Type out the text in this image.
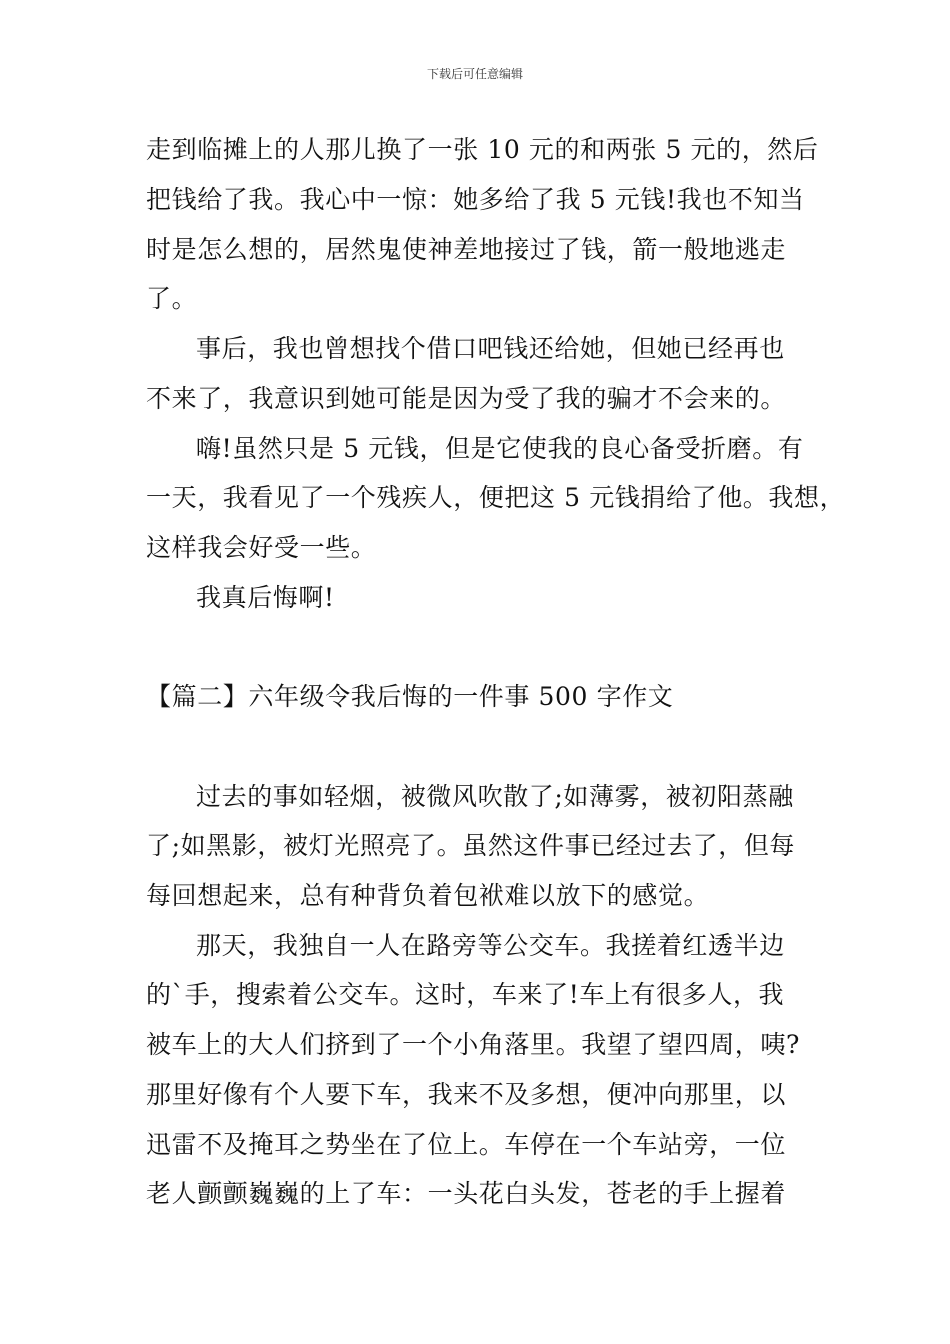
下载后可任意编辑
走到临摊上的人那儿换了一张 10 元的和两张 5 元的，然后
把钱给了我。我心中一惊：她多给了我 5 元钱!我也不知当
时是怎么想的，居然鬼使神差地接过了钱，箭一般地逃走
了。
事后，我也曾想找个借口吧钱还给她，但她已经再也
不来了，我意识到她可能是因为受了我的骗才不会来的。
嗨!虽然只是 5 元钱，但是它使我的良心备受折磨。有
一天，我看见了一个残疾人，便把这 5 元钱捐给了他。我想，
这样我会好受一些。
我真后悔啊!
【篇二】六年级令我后悔的一件事 500 字作文
过去的事如轻烟，被微风吹散了;如薄雾，被初阳蒸融
了;如黑影，被灯光照亮了。虽然这件事已经过去了，但每
每回想起来，总有种背负着包袱难以放下的感觉。
那天，我独自一人在路旁等公交车。我搓着红透半边
的`手，搜索着公交车。这时，车来了!车上有很多人，我
被车上的大人们挤到了一个小角落里。我望了望四周，咦?
那里好像有个人要下车，我来不及多想，便冲向那里，以
迅雷不及掩耳之势坐在了位上。车停在一个车站旁，一位
老人颤颤巍巍的上了车：一头花白头发，苍老的手上握着
